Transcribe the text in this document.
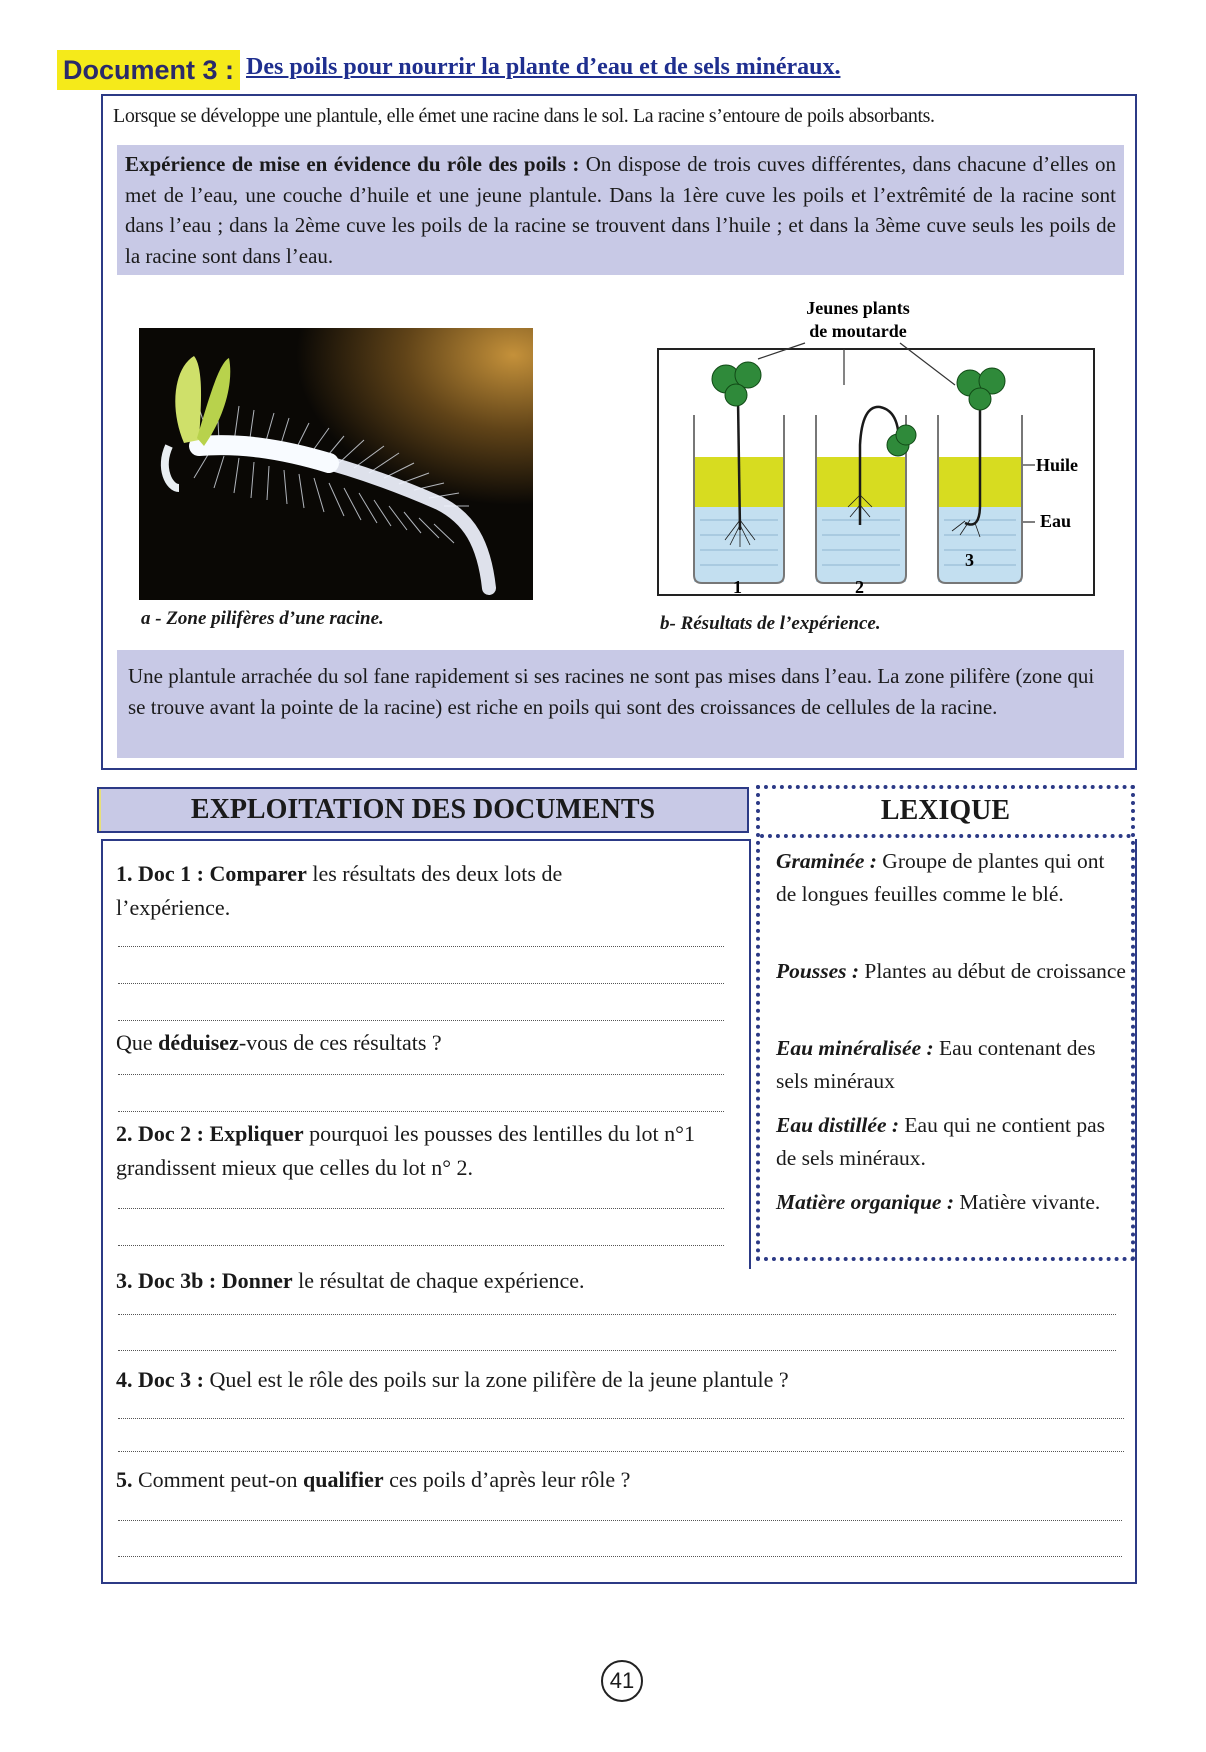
Document 3 : Des poils pour nourrir la plante d’eau et de sels minéraux.
Lorsque se développe une plantule, elle émet une racine dans le sol. La racine s’entoure de poils absorbants.
Expérience de mise en évidence du rôle des poils : On dispose de trois cuves différentes, dans chacune d’elles on met de l’eau, une couche d’huile et une jeune plantule. Dans la 1ère cuve les poils et l’extrêmité de la racine sont dans l’eau ; dans la 2ème cuve les poils de la racine se trouvent dans l’huile ; et dans la 3ème cuve seuls les poils de la racine sont dans l’eau.
a - Zone pilifères d’une racine.
Jeunes plants
de moutarde
Huile
Eau
1	2
3
b- Résultats de l’expérience.
Une plantule arrachée du sol fane rapidement si ses racines ne sont pas mises dans l’eau. La zone pilifère (zone qui se trouve avant la pointe de la racine) est riche en poils qui sont des croissances de cellules de la racine.
EXPLOITATION DES DOCUMENTS
1. Doc 1 : Comparer les résultats des deux lots de l’expérience.
Que déduisez-vous de ces résultats ?
2. Doc 2 : Expliquer pourquoi les pousses des lentilles du lot n°1 grandissent mieux que celles du lot n° 2.
3. Doc 3b : Donner le résultat de chaque expérience.
4. Doc 3 : Quel est le rôle des poils sur la zone pilifère de la jeune plantule ?
5. Comment peut-on qualifier ces poils d’après leur rôle ?
LEXIQUE
Graminée : Groupe de plantes qui ont de longues feuilles comme le blé.
Pousses : Plantes au début de croissance
Eau minéralisée : Eau contenant des sels minéraux
Eau distillée : Eau qui ne contient pas de sels minéraux.
Matière organique : Matière vivante.
41
